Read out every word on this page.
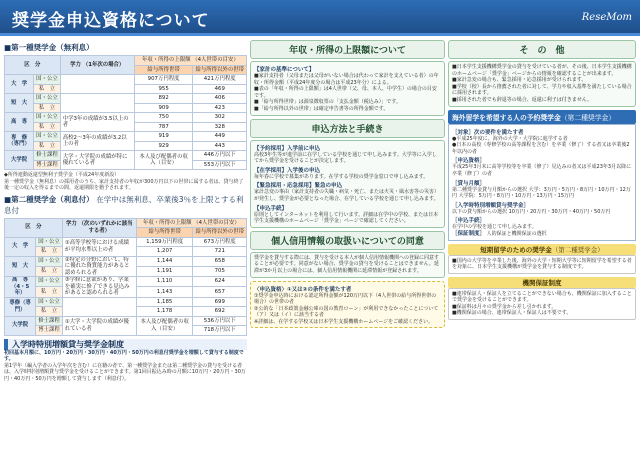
奨学金申込資格について	ReseMom
■第一種奨学金（無利息）
区　分		学力 （1年次の場合）	年収・所得の上限額 （4人世帯の目安）	
			給与所得世帯	給与所得以外の世帯
大　学	国・公立		907万円程度	421万円程度
	私　立		955	469
短　大	国・公立		892	406
	私　立		909	423
高　専	国・公立	中学3年の成績が3.5以上の者	750	302
	私　立		787	328
専　修（専門）	国・公立	高校2～3年の成績が3.2以上の者	919	449
	私　立		929	443
大学院	修士課程	大学・大学院の成績が特に優れている者	本人及び配偶者の収入（目安）	446万円以下
	博士課程			553万円以下
◆所得連動返還型無利子奨学金（平成24年度新設）
第一種奨学金（無利息）の採用者のうち、家計支持者の年収が300万円以下の世帯に属する者は、貸与終了後一定の収入を得るまでの間、返還期限を猶予されます。
■第二種奨学金（利息付） 在学中は無利息、卒業後3％を上限とする利息付
区　分		学力 （次のいずれかに該当する者）	年収・所得の上限額 （4人世帯の目安）	
			給与所得世帯	給与所得以外の世帯
大　学	国・公立	①高等学校等における成績が平均水準以上の者	1,159万円程度	673万円程度
	私　立		1,207	721
短　大	国・公立	②特定の分野において、特に優れた資質能力があると認められる者	1,144	658
	私　立		1,191	705
高　専（4・5年）	国・公立	③学修に意欲があり、学業を確実に修了できる見込みがあると認められる者	1,110	624
	私　立		1,143	657
専修（専門）	国・公立		1,185	699
	私　立		1,178	692
大学院	修士課程	①大学・大学院の成績が優れている者	本人及び配偶者の収入（目安）	536万円以下
	博士課程			718万円以下
入学時特別増額貸与奨学金制度
初回基本月額に、10万円・20万円・30万円・40万円・50万円の利息付奨学金を増額して貸与する制度です。
第1学年（編入学者の入学年次を含む）に在籍の者で、第一種奨学金または第二種奨学金の貸与を受ける者は、入学時特別増額貸与奨学金を受けることができます。第1回目振込み時の月額に10万円・20万円・30万円・40万円・50万円を増額して貸与します（利息付）。
年収・所得の上限額について
【家計の基準について】
■家計支持者（父母または父母がいない場合は代わって家計を支えている者）の年収・所得金額（平成24年度分の場合は平成23年分）による。
■表の「年収・所得の上限額」は4人世帯（父、母、本人、中学生）の場合の目安です。
■「給与所得世帯」は源泉徴収票の「支払金額（税込み）」です。
■「給与所得以外の世帯」は確定申告書等の所得金額です。
申込方法と手続き
【予約採用】入学前に申込
高校3年生等が進学前に在学している学校を通じて申し込みます。大学等に入学してから奨学金を受けることが決定します。
【在学採用】入学後の申込
毎年春に学校で募集があります。在学する学校の奨学金窓口で申し込みます。
【緊急採用・応急採用】緊急の申込
家計急変の事由（家計支持者の失職・病気・死亡、または火災・風水害等の災害）が発生し、奨学金が必要となった場合、在学している学校を通じて申し込みます。
【申込手続】
原則としてインターネットを利用して行います。詳細は在学中の学校、または日本学生支援機構のホームページ「奨学金」ページで確認してください。
個人信用情報の取扱いについての同意
奨学金を貸与する際には、貸与を受ける本人が個人信用情報機関への登録に同意することが必要です。同意がない場合、奨学金の貸与を受けることはできません。延滞が3か月以上の場合には、個人信用情報機関に延滞情報が登録されます。
〈申込資格〉①又は②の条件を満たす者
①奨学金申込時における認定所得金額が120万円以下（4人世帯の給与所得世帯の場合）の世帯の者
②公的な「日本政策金融公庫の国の教育ローン」が利用できなかったことについて（ア）又は（イ）に該当する者
※詳細は、在学する学校又は日本学生支援機構ホームページをご確認ください。
そ　の　他
■日本学生支援機構奨学金の貸与を受けている者が、その後、日本学生支援機構のホームページ「奨学金」ページからの情報を確認することが出来ます。
■家計急変の場合も、緊急採用・応急採用が受けられます。
■学校（校）長から推薦された者に対して、学力や収入基準を満たしている場合に採用されます。
■採用された者でも辞退等の場合、返還に利子は付きません。
海外留学を希望する人の予約奨学金（第二種奨学金）
［対象］次の要件を満たす者
●平成25年度に、海外の大学・大学院に進学する者
●日本の高校（専修学校の高等課程を含む）を卒業（修了）する者又は卒業後2年以内の者
［申込資格］
平成25年3月末に高等学校等を卒業（修了）見込みの者又は平成23年3月以降に卒業（修了）の者
［貸与月額］
第二種奨学金貸与月額からの選択 大学：3万円・5万円・8万円・10万円・12万円 大学院：5万円・8万円・10万円・13万円・15万円
［入学時特別増額貸与奨学金］
以下の貸与額からの選択 10万円・20万円・30万円・40万円・50万円
［申込手続］
在学中の学校を通じて申し込みます。
［保証制度］ 人的保証と機関保証の選択
短期留学のための奨学金（第二種奨学金）
■国内の大学等を卒業した後、海外の大学・短期大学等に短期留学を希望する者を対象に、日本学生支援機構が奨学金を貸与する制度です。
機関保証制度
■連帯保証人・保証人を立てることができない場合も、機関保証に加入することで奨学金を受けることができます。
■保証料は月々の奨学金から差し引かれます。
■機関保証の場合、連帯保証人・保証人は不要です。
